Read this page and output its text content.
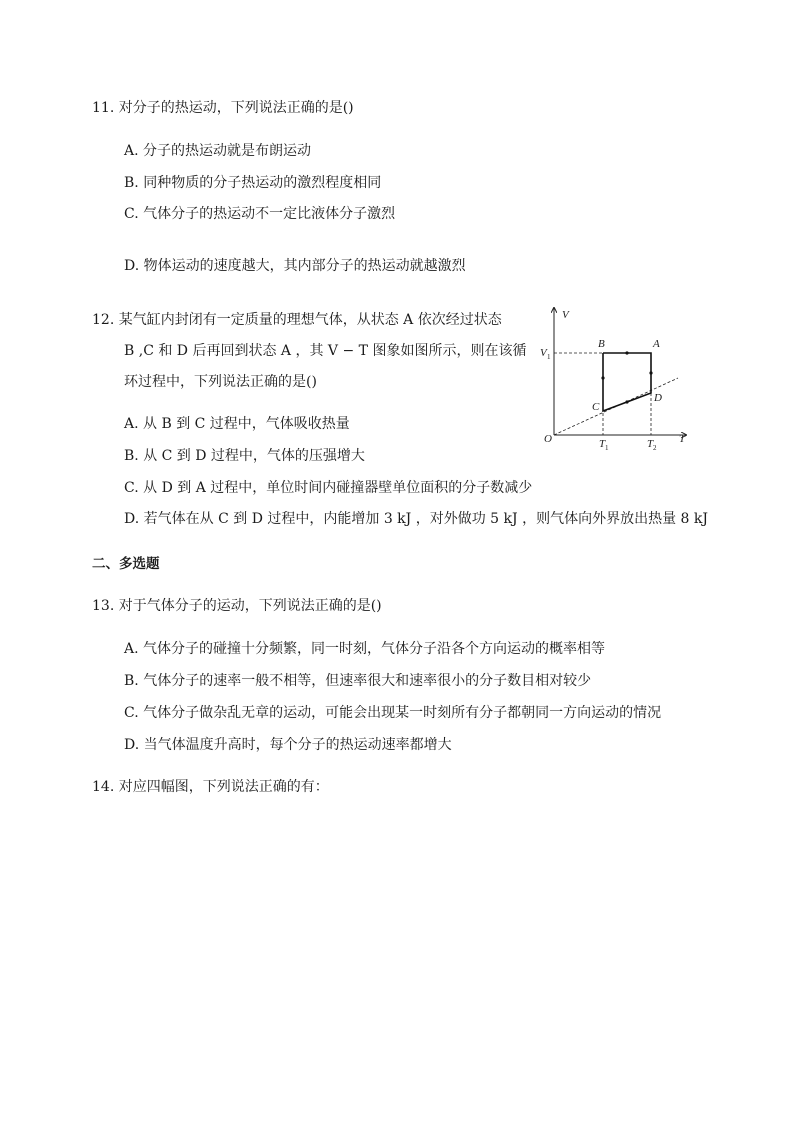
11. 对分子的热运动，下列说法正确的是()
A. 分子的热运动就是布朗运动
B. 同种物质的分子热运动的激烈程度相同
C. 气体分子的热运动不一定比液体分子激烈
D. 物体运动的速度越大，其内部分子的热运动就越激烈
12. 某气缸内封闭有一定质量的理想气体，从状态 A 依次经过状态
B ,C 和 D 后再回到状态 A ，其 V − T 图象如图所示，则在该循
环过程中，下列说法正确的是()
A. 从 B 到 C 过程中，气体吸收热量
B. 从 C 到 D 过程中，气体的压强增大
C. 从 D 到 A 过程中，单位时间内碰撞器壁单位面积的分子数减少
D. 若气体在从 C 到 D 过程中，内能增加 3 kJ ，对外做功 5 kJ ，则气体向外界放出热量 8 kJ
V
T
O
A
B
C
D
V 1
T 1	T 2
二、多选题
13. 对于气体分子的运动，下列说法正确的是()
A. 气体分子的碰撞十分频繁，同一时刻，气体分子沿各个方向运动的概率相等
B. 气体分子的速率一般不相等，但速率很大和速率很小的分子数目相对较少
C. 气体分子做杂乱无章的运动，可能会出现某一时刻所有分子都朝同一方向运动的情况
D. 当气体温度升高时，每个分子的热运动速率都增大
14. 对应四幅图，下列说法正确的有：
